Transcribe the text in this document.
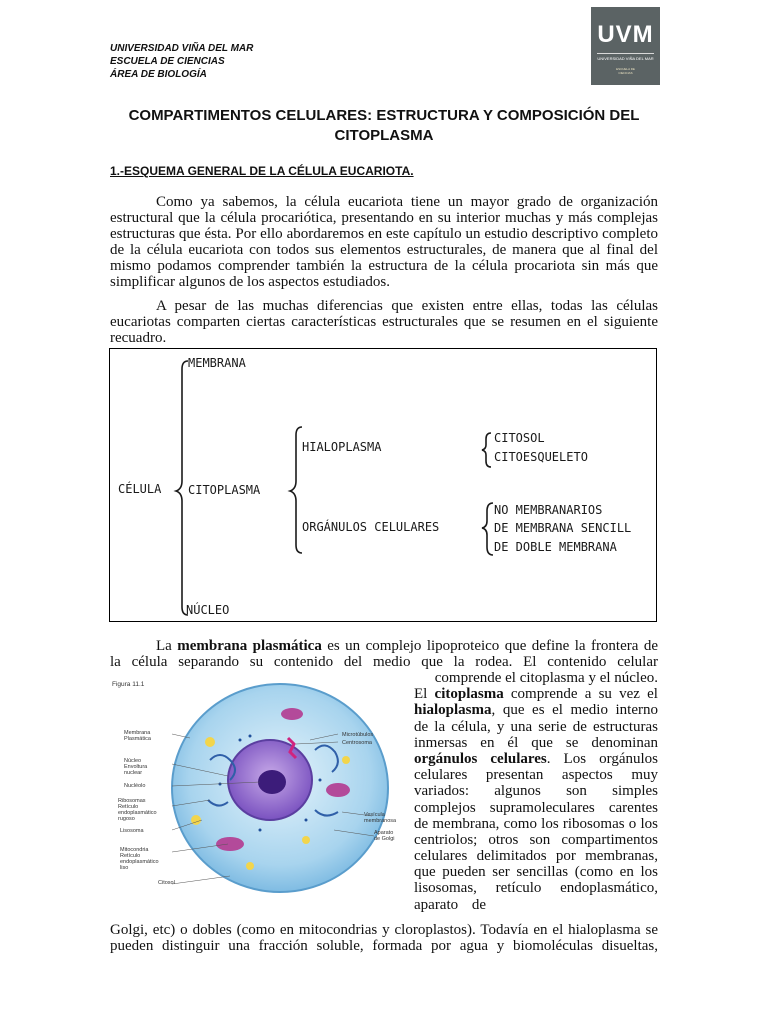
UNIVERSIDAD VIÑA DEL MAR
ESCUELA DE CIENCIAS
ÁREA DE BIOLOGÍA
UVM
UNIVERSIDAD VIÑA DEL MAR
ESCUELA DE
CIENCIAS
COMPARTIMENTOS CELULARES: ESTRUCTURA Y COMPOSICIÓN DEL
CITOPLASMA
1.-ESQUEMA GENERAL DE LA CÉLULA EUCARIOTA.
Como ya sabemos, la célula eucariota tiene un mayor grado de organización estructural que la célula procariótica, presentando en su interior muchas y más complejas estructuras que ésta. Por ello abordaremos en este capítulo un estudio descriptivo completo de la célula eucariota con todos sus elementos estructurales, de manera que al final del mismo podamos comprender también la estructura de la célula procariota sin más que simplificar algunos de los aspectos estudiados.
A pesar de las muchas diferencias que existen entre ellas, todas las células eucariotas comparten ciertas características estructurales que se resumen en el siguiente recuadro.
MEMBRANA
CÉLULA CITOPLASMA
NÚCLEO
HIALOPLASMA
ORGÁNULOS CELULARES
CITOSOL
CITOESQUELETO
NO MEMBRANARIOS
DE MEMBRANA SENCILL
DE DOBLE MEMBRANA
La membrana plasmática es un complejo lipoproteico que define la frontera de
la célula separando su contenido del medio que la rodea. El contenido celular
Figura 11.1
Membrana
Plasmática
Núcleo
Envoltura
nuclear
Nucléolo
Ribosomas
Retículo
endoplasmático
rugoso
Lisosoma
Mitocondria
Retículo
endoplasmático
liso
Citosol
Microtúbulos
Centrosoma
Vesícula
membranosa
Aparato
de Golgi
comprende el citoplasma y el núcleo.
El citoplasma comprende a su vez el
hialoplasma, que es el medio interno
de la célula, y una serie de estructuras
inmersas en él que se denominan
orgánulos celulares. Los orgánulos
celulares presentan aspectos muy
variados: algunos son simples
complejos supramoleculares carentes
de membrana, como los ribosomas o los
centriolos; otros son compartimentos
celulares delimitados por membranas,
que pueden ser sencillas (como en los
lisosomas, retículo endoplasmático,
aparato de
Golgi, etc) o dobles (como en mitocondrias y cloroplastos). Todavía en el hialoplasma se
pueden distinguir una fracción soluble, formada por agua y biomoléculas disueltas,
